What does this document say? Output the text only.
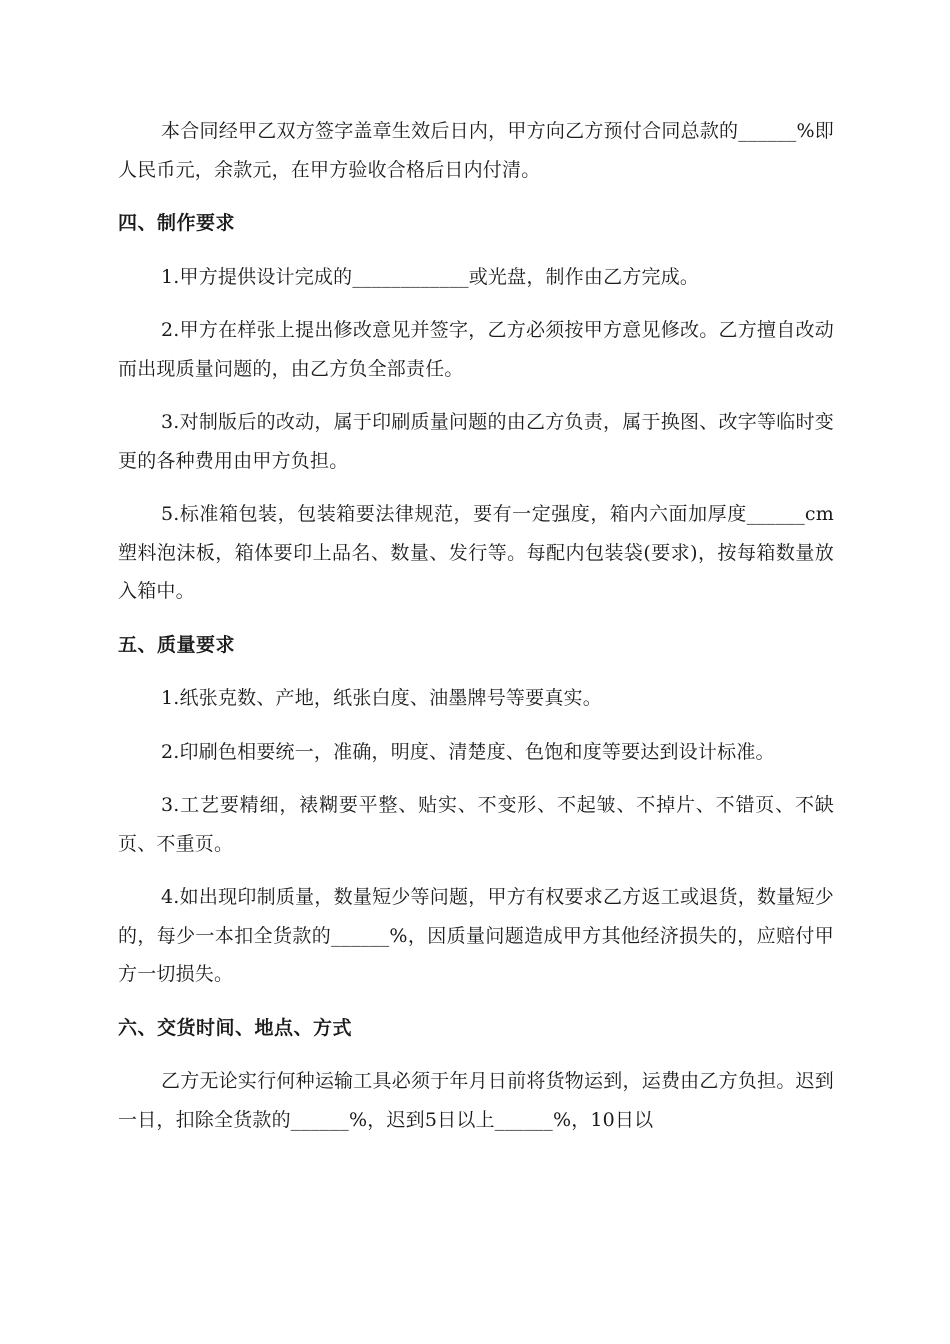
本合同经甲乙双方签字盖章生效后日内，甲方向乙方预付合同总款的______%即人民币元，余款元，在甲方验收合格后日内付清。

四、制作要求

1.甲方提供设计完成的____________或光盘，制作由乙方完成。

2.甲方在样张上提出修改意见并签字，乙方必须按甲方意见修改。乙方擅自改动而出现质量问题的，由乙方负全部责任。

3.对制版后的改动，属于印刷质量问题的由乙方负责，属于换图、改字等临时变更的各种费用由甲方负担。

5.标准箱包装，包装箱要法律规范，要有一定强度，箱内六面加厚度______cm塑料泡沫板，箱体要印上品名、数量、发行等。每配内包装袋(要求)，按每箱数量放入箱中。

五、质量要求

1.纸张克数、产地，纸张白度、油墨牌号等要真实。

2.印刷色相要统一，准确，明度、清楚度、色饱和度等要达到设计标准。

3.工艺要精细，裱糊要平整、贴实、不变形、不起皱、不掉片、不错页、不缺页、不重页。

4.如出现印制质量，数量短少等问题，甲方有权要求乙方返工或退货，数量短少的，每少一本扣全货款的______%，因质量问题造成甲方其他经济损失的，应赔付甲方一切损失。

六、交货时间、地点、方式

乙方无论实行何种运输工具必须于年月日前将货物运到，运费由乙方负担。迟到一日，扣除全货款的______%，迟到5日以上______%，10日以
